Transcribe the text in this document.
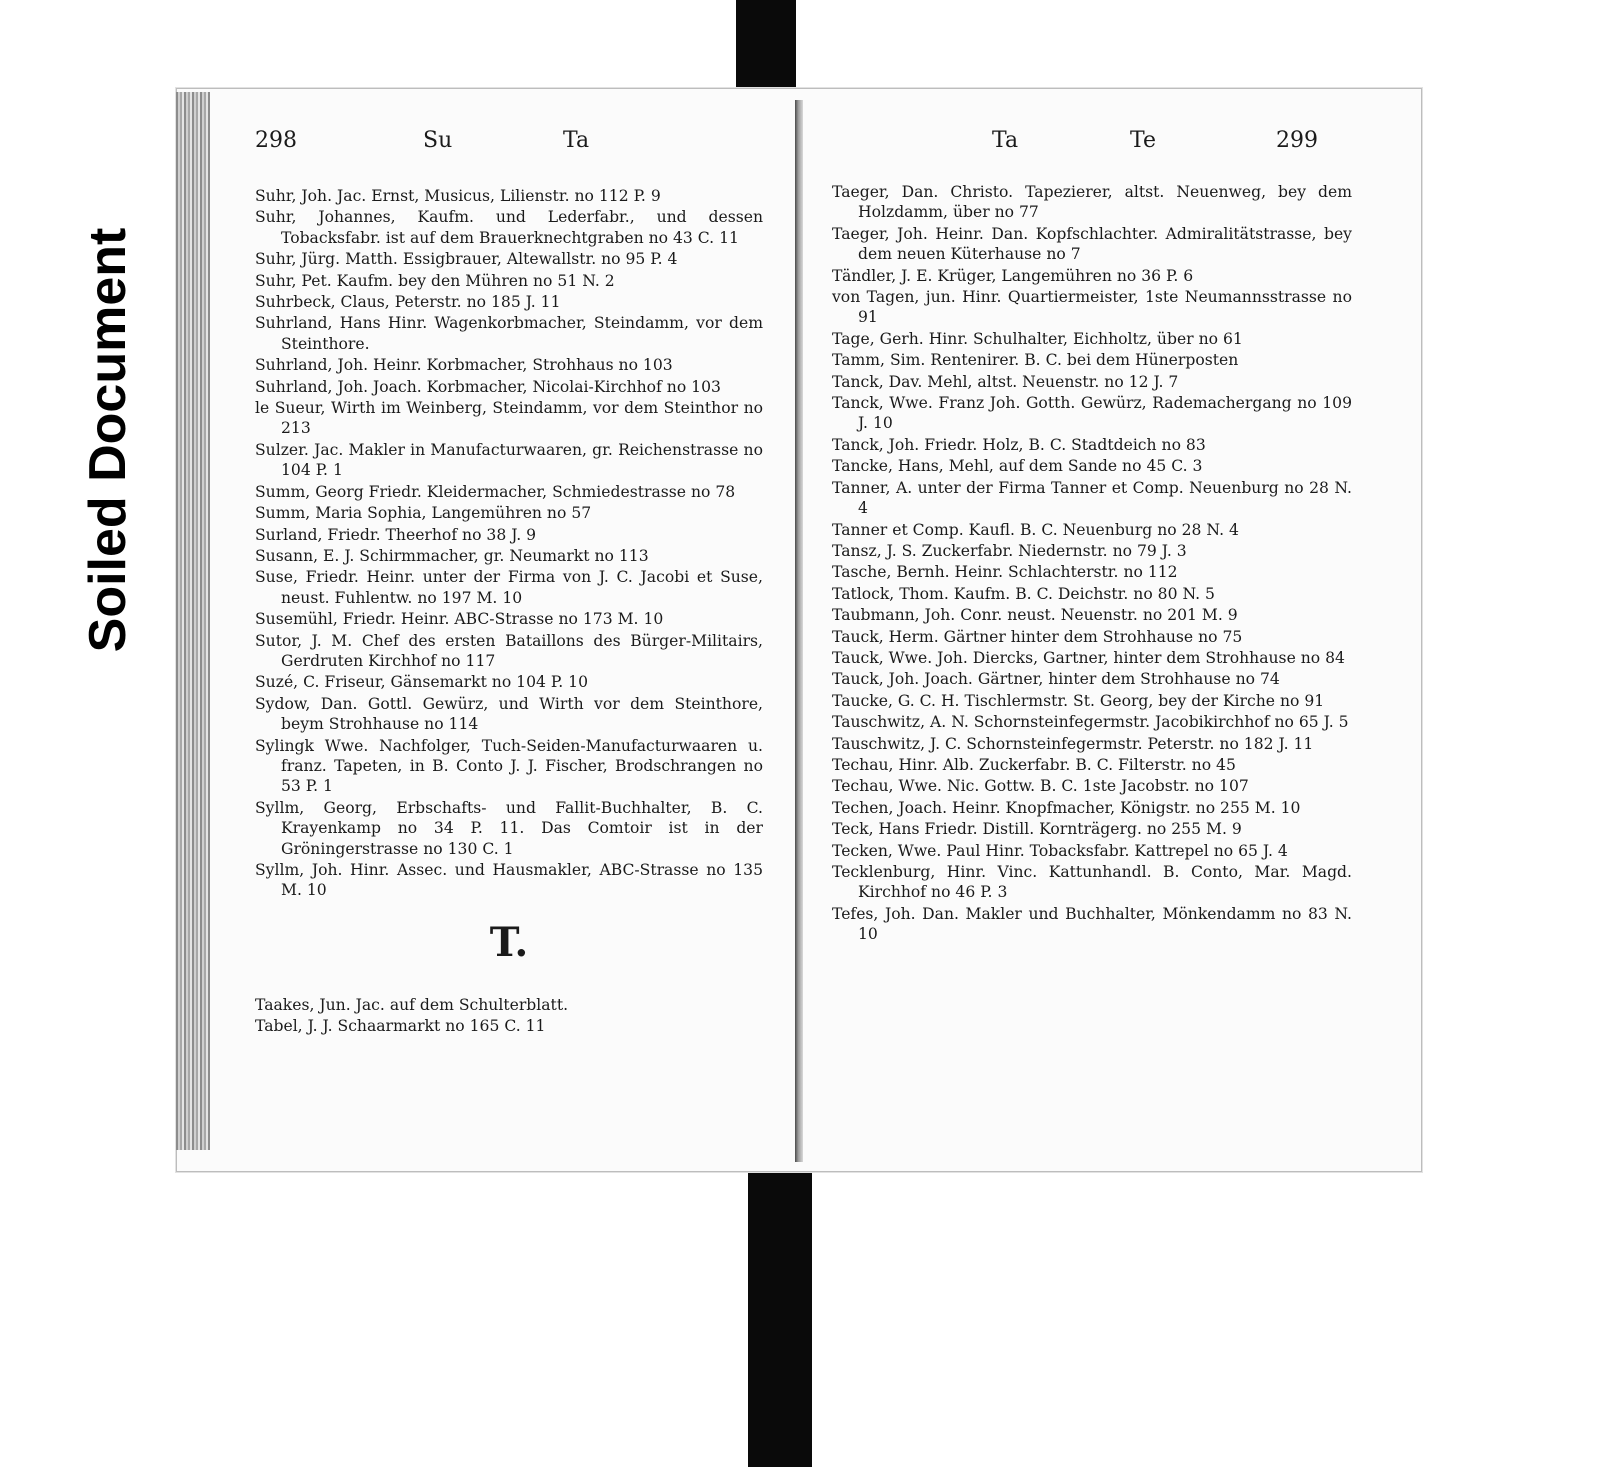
Soiled Document
298	Su	Ta

Suhr, Joh. Jac. Ernst, Musicus, Lilienstr. no 112 P. 9

Suhr, Johannes, Kaufm. und Lederfabr., und dessen Tobacksfabr. ist auf dem Brauerknechtgraben no 43 C. 11

Suhr, Jürg. Matth. Essigbrauer, Altewallstr. no 95 P. 4

Suhr, Pet. Kaufm. bey den Mühren no 51 N. 2

Suhrbeck, Claus, Peterstr. no 185 J. 11

Suhrland, Hans Hinr. Wagenkorbmacher, Steindamm, vor dem Steinthore.

Suhrland, Joh. Heinr. Korbmacher, Strohhaus no 103

Suhrland, Joh. Joach. Korbmacher, Nicolai-Kirchhof no 103

le Sueur, Wirth im Weinberg, Steindamm, vor dem Steinthor no 213

Sulzer. Jac. Makler in Manufacturwaaren, gr. Reichenstrasse no 104 P. 1

Summ, Georg Friedr. Kleidermacher, Schmiedestrasse no 78

Summ, Maria Sophia, Langemühren no 57

Surland, Friedr. Theerhof no 38 J. 9

Susann, E. J. Schirmmacher, gr. Neumarkt no 113

Suse, Friedr. Heinr. unter der Firma von J. C. Jacobi et Suse, neust. Fuhlentw. no 197 M. 10

Susemühl, Friedr. Heinr. ABC-Strasse no 173 M. 10

Sutor, J. M. Chef des ersten Bataillons des Bürger-Militairs, Gerdruten Kirchhof no 117

Suzé, C. Friseur, Gänsemarkt no 104 P. 10

Sydow, Dan. Gottl. Gewürz, und Wirth vor dem Steinthore, beym Strohhause no 114

Sylingk Wwe. Nachfolger, Tuch-Seiden-Manufacturwaaren u. franz. Tapeten, in B. Conto J. J. Fischer, Brodschrangen no 53 P. 1

Syllm, Georg, Erbschafts- und Fallit-Buchhalter, B. C. Krayenkamp no 34 P. 11. Das Comtoir ist in der Gröningerstrasse no 130 C. 1

Syllm, Joh. Hinr. Assec. und Hausmakler, ABC-Strasse no 135 M. 10

T.

Taakes, Jun. Jac. auf dem Schulterblatt.

Tabel, J. J. Schaarmarkt no 165 C. 11

Ta	Te	299

Taeger, Dan. Christo. Tapezierer, altst. Neuenweg, bey dem Holzdamm, über no 77

Taeger, Joh. Heinr. Dan. Kopfschlachter. Admiralitätstrasse, bey dem neuen Küterhause no 7

Tändler, J. E. Krüger, Langemühren no 36 P. 6

von Tagen, jun. Hinr. Quartiermeister, 1ste Neumannsstrasse no 91

Tage, Gerh. Hinr. Schulhalter, Eichholtz, über no 61

Tamm, Sim. Rentenirer. B. C. bei dem Hünerposten

Tanck, Dav. Mehl, altst. Neuenstr. no 12 J. 7

Tanck, Wwe. Franz Joh. Gotth. Gewürz, Rademachergang no 109 J. 10

Tanck, Joh. Friedr. Holz, B. C. Stadtdeich no 83

Tancke, Hans, Mehl, auf dem Sande no 45 C. 3

Tanner, A. unter der Firma Tanner et Comp. Neuenburg no 28 N. 4

Tanner et Comp. Kaufl. B. C. Neuenburg no 28 N. 4

Tansz, J. S. Zuckerfabr. Niedernstr. no 79 J. 3

Tasche, Bernh. Heinr. Schlachterstr. no 112

Tatlock, Thom. Kaufm. B. C. Deichstr. no 80 N. 5

Taubmann, Joh. Conr. neust. Neuenstr. no 201 M. 9

Tauck, Herm. Gärtner hinter dem Strohhause no 75

Tauck, Wwe. Joh. Diercks, Gartner, hinter dem Strohhause no 84

Tauck, Joh. Joach. Gärtner, hinter dem Strohhause no 74

Taucke, G. C. H. Tischlermstr. St. Georg, bey der Kirche no 91

Tauschwitz, A. N. Schornsteinfegermstr. Jacobikirchhof no 65 J. 5

Tauschwitz, J. C. Schornsteinfegermstr. Peterstr. no 182 J. 11

Techau, Hinr. Alb. Zuckerfabr. B. C. Filterstr. no 45

Techau, Wwe. Nic. Gottw. B. C. 1ste Jacobstr. no 107

Techen, Joach. Heinr. Knopfmacher, Königstr. no 255 M. 10

Teck, Hans Friedr. Distill. Kornträgerg. no 255 M. 9

Tecken, Wwe. Paul Hinr. Tobacksfabr. Kattrepel no 65 J. 4

Tecklenburg, Hinr. Vinc. Kattunhandl. B. Conto, Mar. Magd. Kirchhof no 46 P. 3

Tefes, Joh. Dan. Makler und Buchhalter, Mönkendamm no 83 N. 10
